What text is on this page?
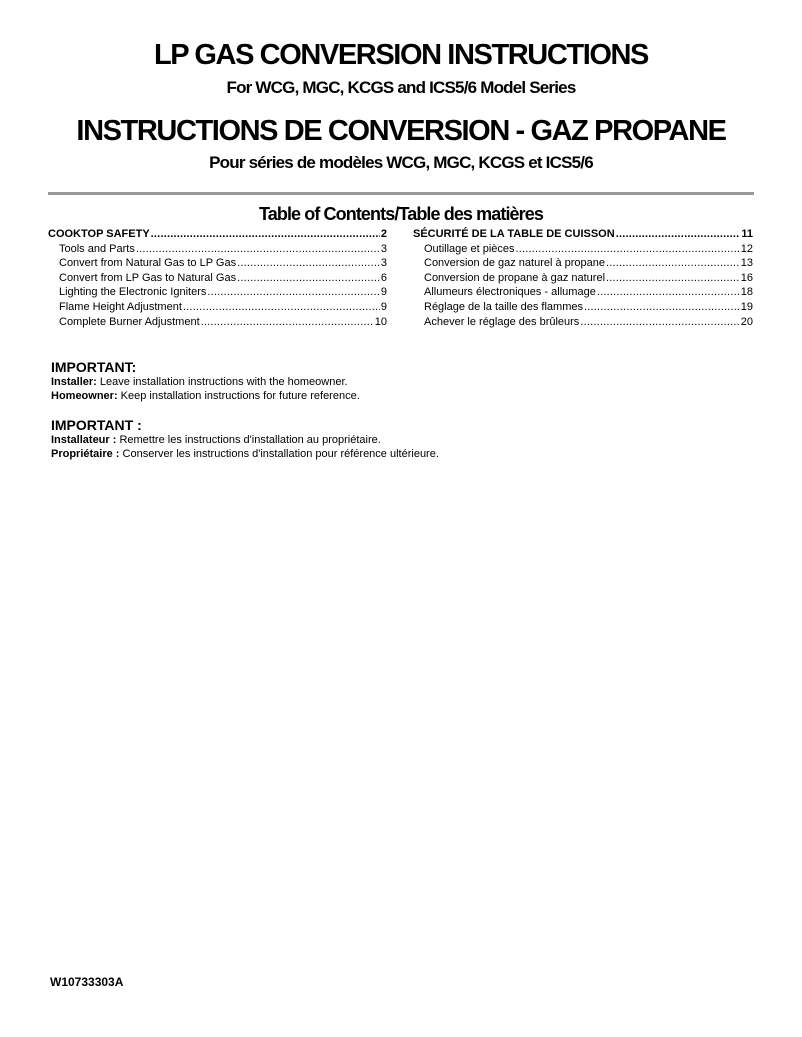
LP GAS CONVERSION INSTRUCTIONS
For WCG, MGC, KCGS and ICS5/6 Model Series
INSTRUCTIONS DE CONVERSION - GAZ PROPANE
Pour séries de modèles WCG, MGC, KCGS et ICS5/6
Table of Contents/Table des matières
COOKTOP SAFETY .....	2
Tools and Parts .....	3
Convert from Natural Gas to LP Gas .....	3
Convert from LP Gas to Natural Gas .....	6
Lighting the Electronic Igniters .....	9
Flame Height Adjustment .....	9
Complete Burner Adjustment .....	10
SÉCURITÉ DE LA TABLE DE CUISSON .....	11
Outillage et pièces .....	12
Conversion de gaz naturel à propane .....	13
Conversion de propane à gaz naturel .....	16
Allumeurs électroniques - allumage .....	18
Réglage de la taille des flammes .....	19
Achever le réglage des brûleurs .....	20
IMPORTANT:
Installer: Leave installation instructions with the homeowner.
Homeowner: Keep installation instructions for future reference.
IMPORTANT :
Installateur : Remettre les instructions d'installation au propriétaire.
Propriétaire : Conserver les instructions d'installation pour référence ultérieure.
W10733303A
